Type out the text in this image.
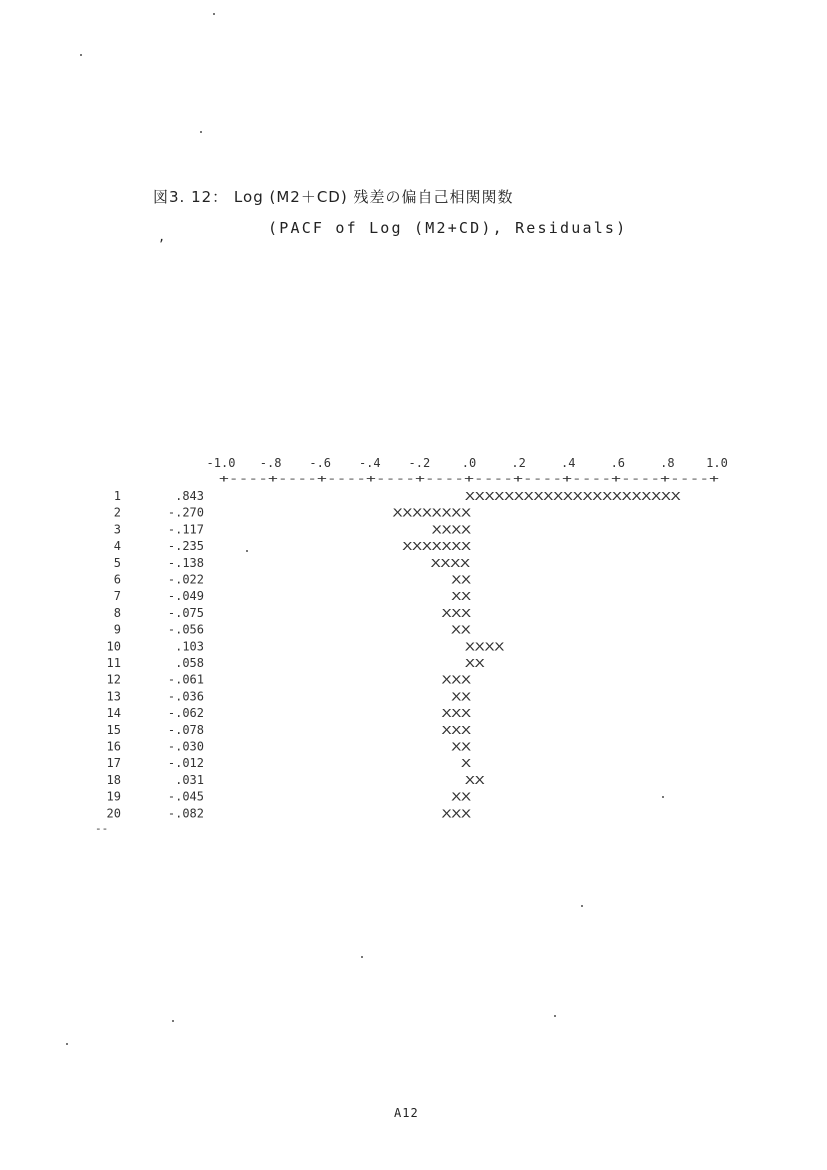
図3. 12： Log (M2＋CD) 残差の偏自己相関関数
(PACF of Log (M2+CD), Residuals)
,
-1.0 -.8 -.6 -.4 -.2	.0	.2	.4	.6	.8	1.0
+----+----+----+----+----+----+----+----+----+----+
1	.843	XXXXXXXXXXXXXXXXXXXXXX
2	-.270	XXXXXXXX
3	-.117	XXXX
4	-.235	XXXXXXX
5	-.138	XXXX
6	-.022	XX
7	-.049	XX
8	-.075	XXX
9	-.056	XX
10	.103	XXXX
11	.058	XX
12	-.061	XXX
13	-.036	XX
14	-.062	XXX
15	-.078	XXX
16	-.030	XX
17	-.012	X
18	.031	XX
19	-.045	XX
20	-.082	XXX
--
A12
